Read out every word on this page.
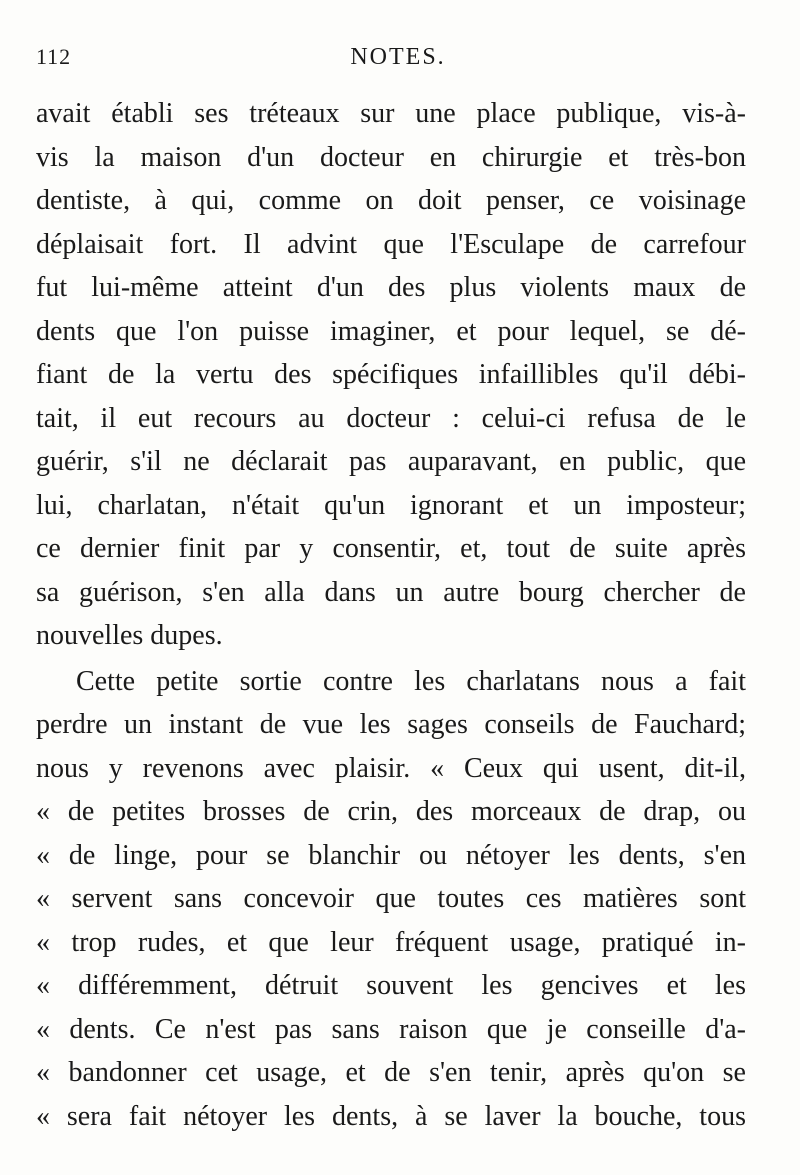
112	NOTES.
avait établi ses tréteaux sur une place publique, vis-à-
vis la maison d'un docteur en chirurgie et très-bon
dentiste, à qui, comme on doit penser, ce voisinage
déplaisait fort. Il advint que l'Esculape de carrefour
fut lui-même atteint d'un des plus violents maux de
dents que l'on puisse imaginer, et pour lequel, se dé-
fiant de la vertu des spécifiques infaillibles qu'il débi-
tait, il eut recours au docteur : celui-ci refusa de le
guérir, s'il ne déclarait pas auparavant, en public, que
lui, charlatan, n'était qu'un ignorant et un imposteur;
ce dernier finit par y consentir, et, tout de suite après
sa guérison, s'en alla dans un autre bourg chercher de
nouvelles dupes.
Cette petite sortie contre les charlatans nous a fait
perdre un instant de vue les sages conseils de Fauchard;
nous y revenons avec plaisir. « Ceux qui usent, dit-il,
« de petites brosses de crin, des morceaux de drap, ou
« de linge, pour se blanchir ou nétoyer les dents, s'en
« servent sans concevoir que toutes ces matières sont
« trop rudes, et que leur fréquent usage, pratiqué in-
« différemment, détruit souvent les gencives et les
« dents. Ce n'est pas sans raison que je conseille d'a-
« bandonner cet usage, et de s'en tenir, après qu'on se
« sera fait nétoyer les dents, à se laver la bouche, tous
